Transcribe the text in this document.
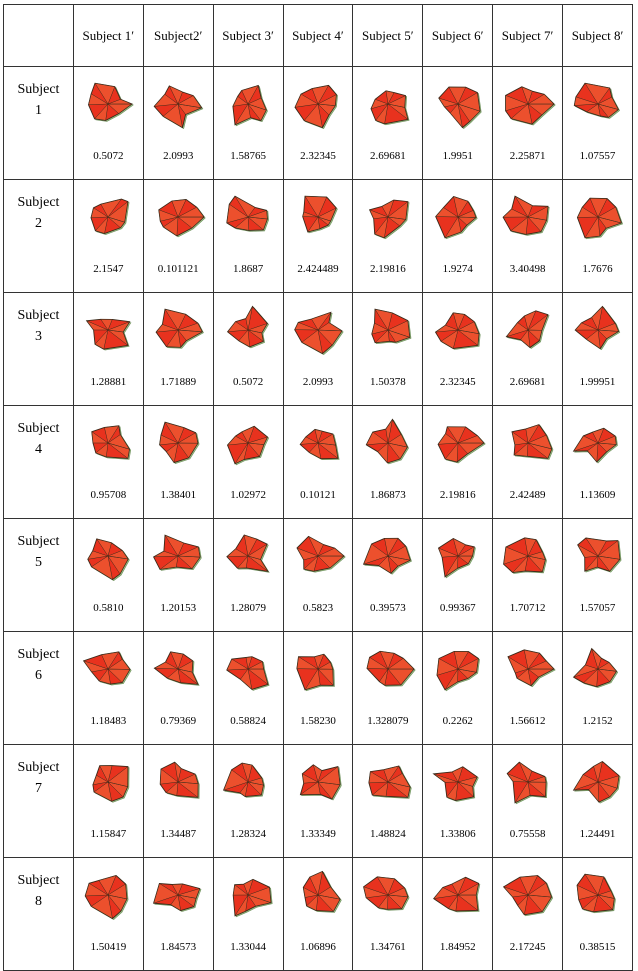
	Subject 1′	Subject2′	Subject 3′	Subject 4′	Subject 5′	Subject 6′	Subject 7′	Subject 8′

Subject
1	0.5072	2.0993	1.58765	2.32345	2.69681	1.9951	2.25871	1.07557

Subject
2	2.1547	0.101121	1.8687	2.424489	2.19816	1.9274	3.40498	1.7676

Subject
3	1.28881	1.71889	0.5072	2.0993	1.50378	2.32345	2.69681	1.99951

Subject
4	0.95708	1.38401	1.02972	0.10121	1.86873	2.19816	2.42489	1.13609

Subject
5	0.5810	1.20153	1.28079	0.5823	0.39573	0.99367	1.70712	1.57057

Subject
6	1.18483	0.79369	0.58824	1.58230	1.328079	0.2262	1.56612	1.2152

Subject
7	1.15847	1.34487	1.28324	1.33349	1.48824	1.33806	0.75558	1.24491

Subject
8	1.50419	1.84573	1.33044	1.06896	1.34761	1.84952	2.17245	0.38515
